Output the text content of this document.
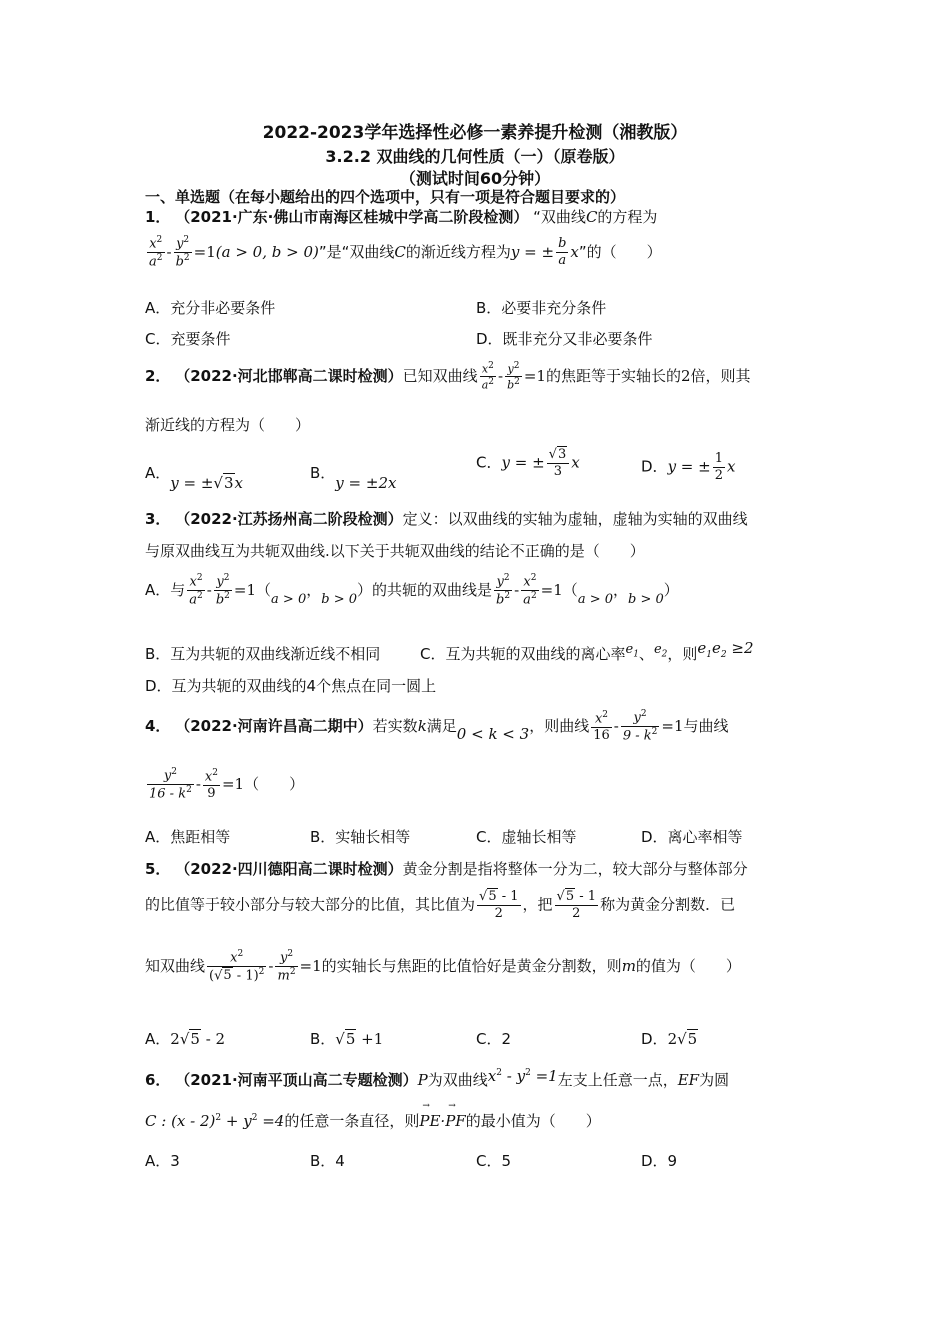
2022-2023学年选择性必修一素养提升检测（湘教版）
3.2.2 双曲线的几何性质（一）（原卷版）
（测试时间60分钟）
一、单选题（在每小题给出的四个选项中，只有一项是符合题目要求的）
1． （2021·广东·佛山市南海区桂城中学高二阶段检测） “双曲线C的方程为
$\frac{x^2}{a^2} - \frac{y^2}{b^2} =1(a > 0$, b > 0)”是“双曲线C的渐近线方程为y = ± $\frac{b}{a} x$”的（　　）
A．充分非必要条件	B．必要非充分条件
C．充要条件	D．既非充分又非必要条件
2． （2022·河北邯郸高二课时检测）已知双曲线 $\frac{x^2}{a^2} - \frac{y^2}{b^2} =1$的焦距等于实轴长的2倍，则其
渐近线的方程为（　　）
A．y = ±√3x
B．y = ±2x
C．y = ± $\frac{√3}{3}$ x	D．y = ± $\frac{1}{2}$ x
3． （2022·江苏扬州高二阶段检测）定义：以双曲线的实轴为虚轴，虚轴为实轴的双曲线
与原双曲线互为共轭双曲线.以下关于共轭双曲线的结论不正确的是（　　）
A．与 $\frac{x^2}{a^2} - \frac{y^2}{b^2} =1(a > 0$，b > 0）的共轭的双曲线是 $\frac{y^2}{b^2} - \frac{x^2}{a^2} =1(a > 0$，b > 0）
B．互为共轭的双曲线渐近线不相同	C．互为共轭的双曲线的离心率$e_1$、$e_2$，则$e_1e_2 \ge 2$
D．互为共轭的双曲线的4个焦点在同一圆上
4． （2022·河南许昌高二期中）若实数k满足0 < k < 3，则曲线 $\frac{x^2}{16} - \frac{y^2}{9 - k^2} =1$与曲线
$\frac{y^2}{16 - k^2} - \frac{x^2}{9} =1$（　　）
A．焦距相等	B．实轴长相等	C．虚轴长相等	D．离心率相等
5． （2022·四川德阳高二课时检测）黄金分割是指将整体一分为二，较大部分与整体部分
的比值等于较小部分与较大部分的比值，其比值为 $\frac{√5 - 1}{2}$ ，把 $\frac{√5 - 1}{2}$ 称为黄金分割数．已
知双曲线 $\frac{x^2}{(√5 - 1)^2} - \frac{y^2}{m^2} =1$的实轴长与焦距的比值恰好是黄金分割数，则m的值为（　　）
A．2√5 - 2	B．√5 +1	C．2	D．2√5
6． （2021·河南平顶山高二专题检测）P为双曲线$x^2 - y^2 =1$左支上任意一点，EF为圆
C : $(x - 2)^2 + y^2 =4$的任意一条直径，则→ PE·→ PF的最小值为（　　）
A．3	B．4	C．5	D．9
